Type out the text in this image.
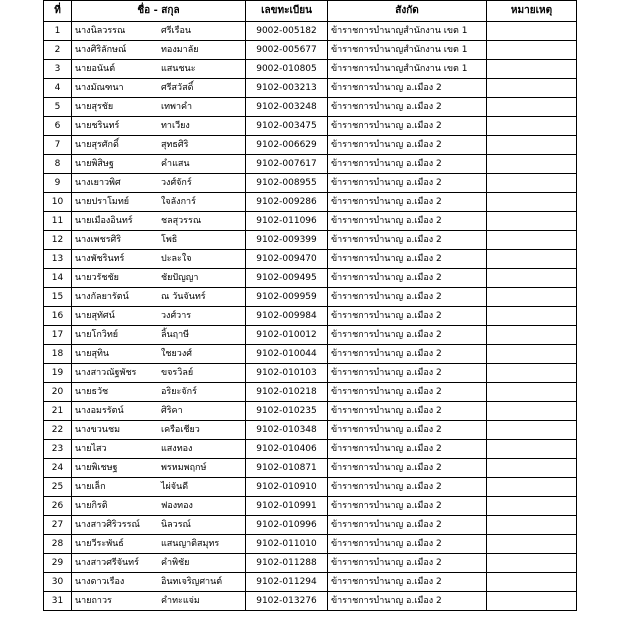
ที่	ชื่อ - สกุล	เลขทะเบียน	สังกัด	หมายเหตุ
1	นางนิลวรรณ ศรีเรือน	9002-005182	ข้าราชการบำนาญสำนักงาน เขต 1	
2	นางศิริลักษณ์ ทองมาลัย	9002-005677	ข้าราชการบำนาญสำนักงาน เขต 1	
3	นายอนันต์ แสนชนะ	9002-010805	ข้าราชการบำนาญสำนักงาน เขต 1	
4	นางมัณฑนา ศรีสวัสดิ์	9102-003213	ข้าราชการบำนาญ อ.เมือง 2	
5	นายสุรชัย เทพาคำ	9102-003248	ข้าราชการบำนาญ อ.เมือง 2	
6	นายชรินทร์ ทาเวียง	9102-003475	ข้าราชการบำนาญ อ.เมือง 2	
7	นายสุรศักดิ์ สุทธศิริ	9102-006629	ข้าราชการบำนาญ อ.เมือง 2	
8	นายพิสิษฐ คำแสน	9102-007617	ข้าราชการบำนาญ อ.เมือง 2	
9	นางเยาวพิศ วงศ์จักร์	9102-008955	ข้าราชการบำนาญ อ.เมือง 2	
10	นายปราโมทย์ ใจลังการ์	9102-009286	ข้าราชการบำนาญ อ.เมือง 2	
11	นายเมืองอินทร์ ชลสุวรรณ	9102-011096	ข้าราชการบำนาญ อ.เมือง 2	
12	นางเพชรศิริ โพธิ	9102-009399	ข้าราชการบำนาญ อ.เมือง 2	
13	นางพัชรินทร์ ปะละใจ	9102-009470	ข้าราชการบำนาญ อ.เมือง 2	
14	นายวรัชชัย ชัยปัญญา	9102-009495	ข้าราชการบำนาญ อ.เมือง 2	
15	นางกัลยารัตน์ ณ วันจันทร์	9102-009959	ข้าราชการบำนาญ อ.เมือง 2	
16	นายสุทัศน์ วงศ์วาร	9102-009984	ข้าราชการบำนาญ อ.เมือง 2	
17	นายโกวิทย์ ลิ้นฤาษี	9102-010012	ข้าราชการบำนาญ อ.เมือง 2	
18	นายสุทิน ใชยวงศ์	9102-010044	ข้าราชการบำนาญ อ.เมือง 2	
19	นางสาวณัฐพัชร ขจรวิลย์	9102-010103	ข้าราชการบำนาญ อ.เมือง 2	
20	นายธวัช อริยะจักร์	9102-010218	ข้าราชการบำนาญ อ.เมือง 2	
21	นางอมรรัตน์ ศิริคา	9102-010235	ข้าราชการบำนาญ อ.เมือง 2	
22	นางขวนชม เครือเชียว	9102-010348	ข้าราชการบำนาญ อ.เมือง 2	
23	นายไสว แสงทอง	9102-010406	ข้าราชการบำนาญ อ.เมือง 2	
24	นายพิเชษฐ พรหมพฤกษ์	9102-010871	ข้าราชการบำนาญ อ.เมือง 2	
25	นายเล็ก ไผ่จันดี	9102-010910	ข้าราชการบำนาญ อ.เมือง 2	
26	นายกิรติ ฟองทอง	9102-010991	ข้าราชการบำนาญ อ.เมือง 2	
27	นางสาวศิริวรรณ์ นิลวรณ์	9102-010996	ข้าราชการบำนาญ อ.เมือง 2	
28	นายวีระพันธ์ แสนญาติสมุทร	9102-011010	ข้าราชการบำนาญ อ.เมือง 2	
29	นางสาวศรีจันทร์ คำพิชัย	9102-011288	ข้าราชการบำนาญ อ.เมือง 2	
30	นางดาวเรือง อินทเจริญศานต์	9102-011294	ข้าราชการบำนาญ อ.เมือง 2	
31	นายถาวร คำทะแจ่ม	9102-013276	ข้าราชการบำนาญ อ.เมือง 2	
